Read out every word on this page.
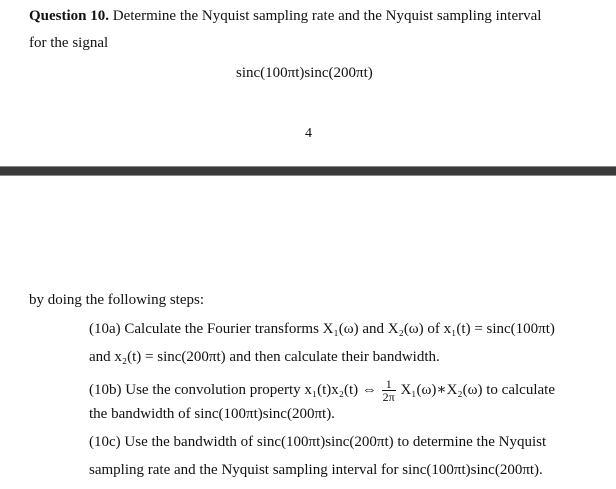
Question 10. Determine the Nyquist sampling rate and the Nyquist sampling interval
for the signal
sinc(100πt)sinc(200πt)
4
by doing the following steps:
(10a) Calculate the Fourier transforms X₁(ω) and X₂(ω) of x₁(t) = sinc(100πt)
and x₂(t) = sinc(200πt) and then calculate their bandwidth.
(10b) Use the convolution property x₁(t)x₂(t) ⇔ $\frac{1}{2\pi}$ X₁(ω)∗X₂(ω) to calculate
the bandwidth of sinc(100πt)sinc(200πt).
(10c) Use the bandwidth of sinc(100πt)sinc(200πt) to determine the Nyquist
sampling rate and the Nyquist sampling interval for sinc(100πt)sinc(200πt).
